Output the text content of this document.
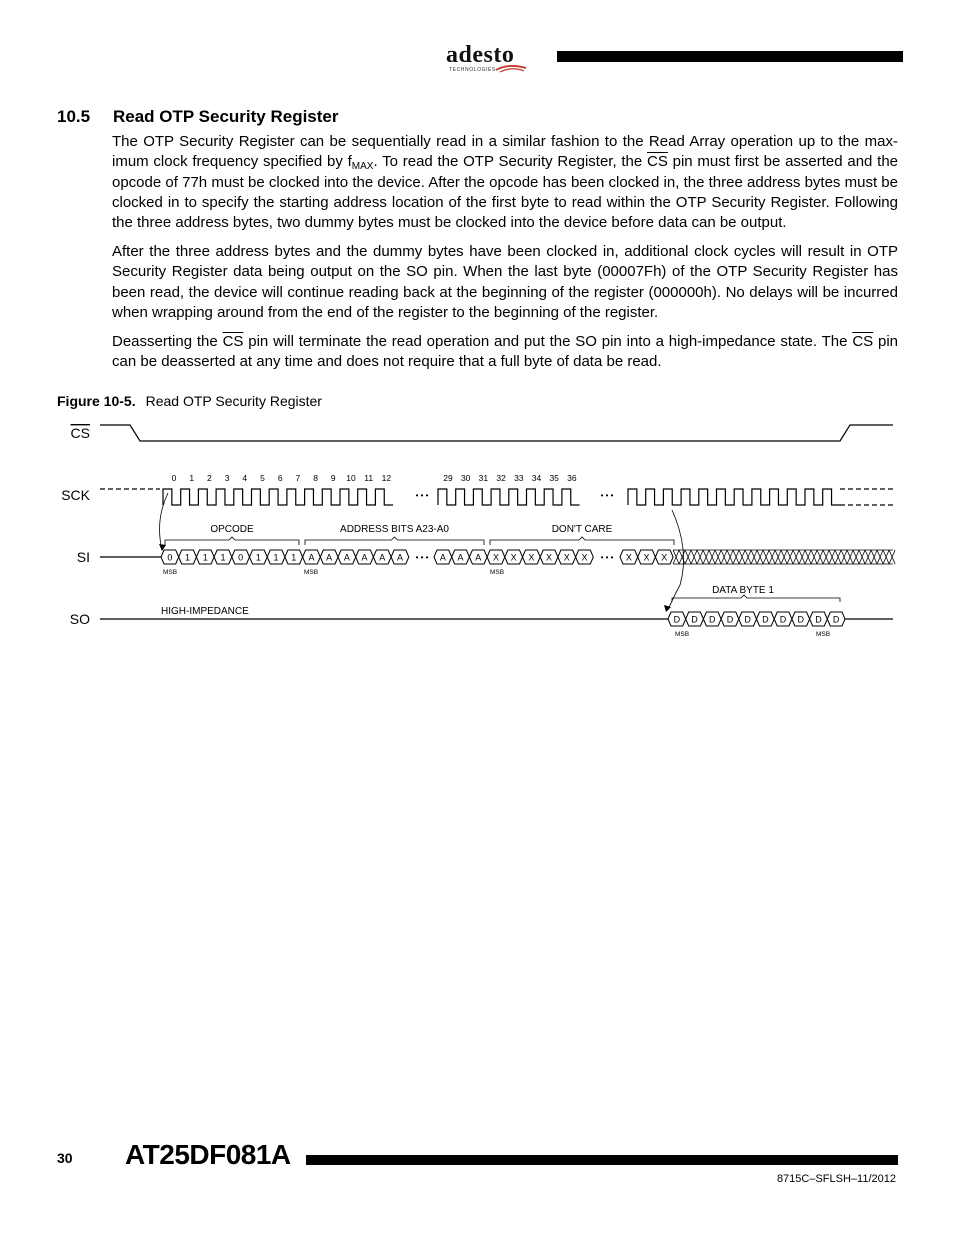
adesto
TECHNOLOGIES
10.5 Read OTP Security Register

The OTP Security Register can be sequentially read in a similar fashion to the Read Array operation up to the max-imum clock frequency specified by $f_{MAX}$. To read the OTP Security Register, the $\overline{CS}$ pin must first be asserted and the opcode of 77h must be clocked into the device. After the opcode has been clocked in, the three address bytes must be clocked in to specify the starting address location of the first byte to read within the OTP Security Register. Following the three address bytes, two dummy bytes must be clocked into the device before data can be output.

After the three address bytes and the dummy bytes have been clocked in, additional clock cycles will result in OTP Security Register data being output on the SO pin. When the last byte (00007Fh) of the OTP Security Register has been read, the device will continue reading back at the beginning of the register (000000h). No delays will be incurred when wrapping around from the end of the register to the beginning of the register.

Deasserting the $\overline{CS}$ pin will terminate the read operation and put the SO pin into a high-impedance state. The $\overline{CS}$ pin can be deasserted at any time and does not require that a full byte of data be read.

Figure 10-5. Read OTP Security Register
CS
SCK
SI
SO
• • •	• • •
0 1 2 3 4 5 6 7 8 9 10 11 12	29 30 31 32 33 34 35 36
OPCODE	ADDRESS BITS A23-A0	DON'T CARE
0 1 1 1 0 1 1 1 A A A A A A • • • A A A X X X X X X • • • X X X
MSB	MSB	MSB
HIGH-IMPEDANCE
D D D D D D D D D D
DATA BYTE 1
MSB	MSB
30 AT25DF081A
8715C–SFLSH–11/2012
